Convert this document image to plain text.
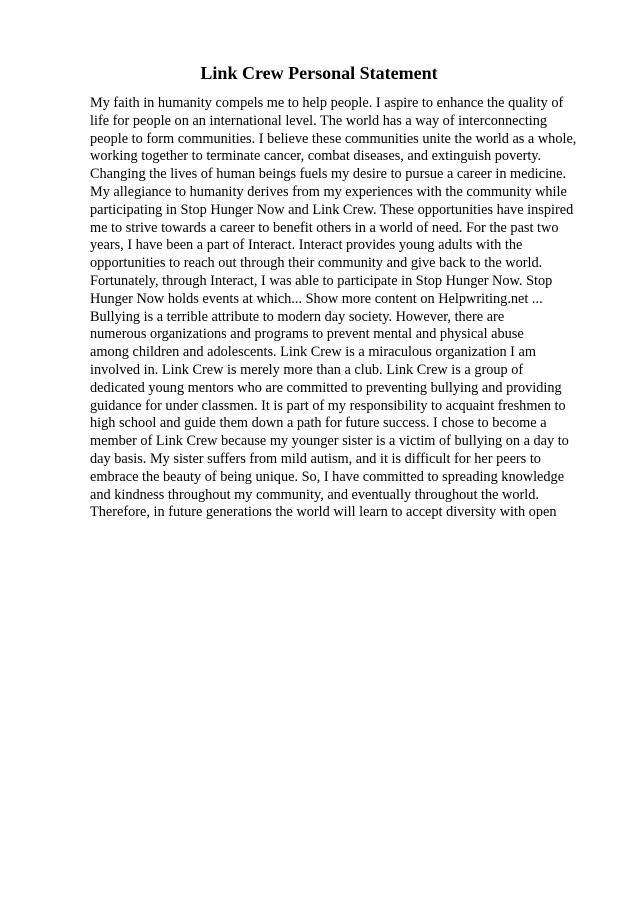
Link Crew Personal Statement
My faith in humanity compels me to help people. I aspire to enhance the quality of
life for people on an international level. The world has a way of interconnecting
people to form communities. I believe these communities unite the world as a whole,
working together to terminate cancer, combat diseases, and extinguish poverty.
Changing the lives of human beings fuels my desire to pursue a career in medicine.
My allegiance to humanity derives from my experiences with the community while
participating in Stop Hunger Now and Link Crew. These opportunities have inspired
me to strive towards a career to benefit others in a world of need. For the past two
years, I have been a part of Interact. Interact provides young adults with the
opportunities to reach out through their community and give back to the world.
Fortunately, through Interact, I was able to participate in Stop Hunger Now. Stop
Hunger Now holds events at which... Show more content on Helpwriting.net ...
Bullying is a terrible attribute to modern day society. However, there are
numerous organizations and programs to prevent mental and physical abuse
among children and adolescents. Link Crew is a miraculous organization I am
involved in. Link Crew is merely more than a club. Link Crew is a group of
dedicated young mentors who are committed to preventing bullying and providing
guidance for under classmen. It is part of my responsibility to acquaint freshmen to
high school and guide them down a path for future success. I chose to become a
member of Link Crew because my younger sister is a victim of bullying on a day to
day basis. My sister suffers from mild autism, and it is difficult for her peers to
embrace the beauty of being unique. So, I have committed to spreading knowledge
and kindness throughout my community, and eventually throughout the world.
Therefore, in future generations the world will learn to accept diversity with open
